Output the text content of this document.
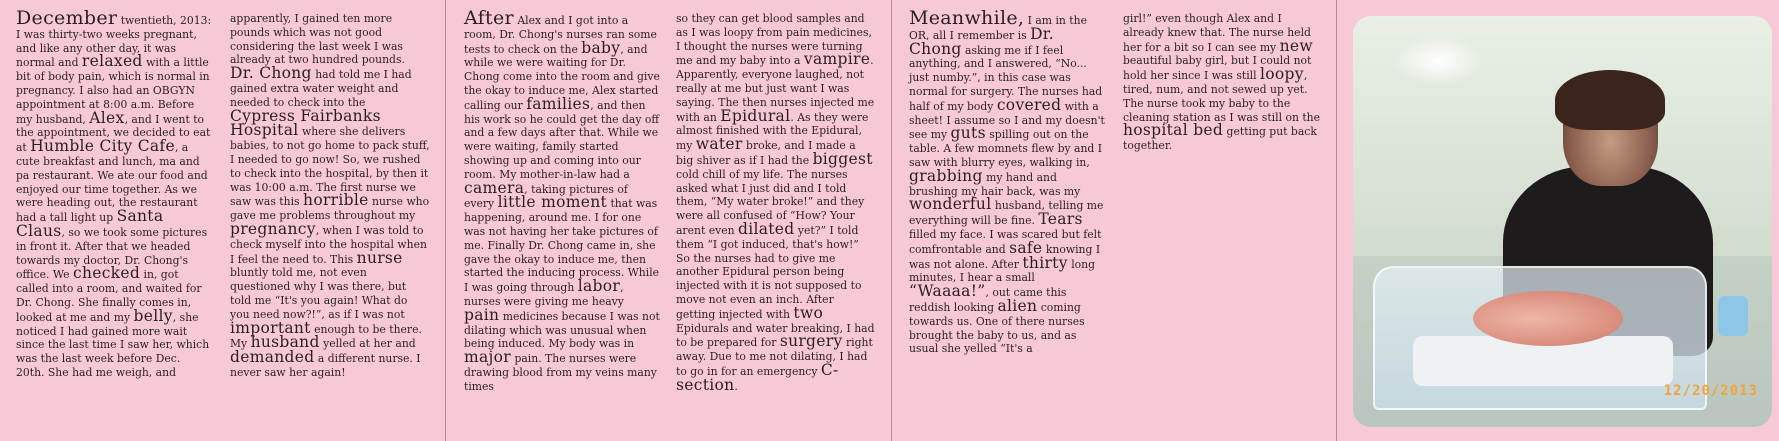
December twentieth, 2013: I was thirty-two weeks pregnant, and like any other day, it was normal and relaxed with a little bit of body pain, which is normal in pregnancy. I also had an OBGYN appointment at 8:00 a.m. Before my husband, Alex, and I went to the appointment, we decided to eat at Humble City Cafe, a cute breakfast and lunch, ma and pa restaurant. We ate our food and enjoyed our time together. As we were heading out, the restaurant had a tall light up Santa Claus, so we took some pictures in front it. After that we headed towards my doctor, Dr. Chong's office. We checked in, got called into a room, and waited for Dr. Chong. She finally comes in, looked at me and my belly, she noticed I had gained more wait since the last time I saw her, which was the last week before Dec. 20th. She had me weigh, and
apparently, I gained ten more pounds which was not good considering the last week I was already at two hundred pounds. Dr. Chong had told me I had gained extra water weight and needed to check into the Cypress Fairbanks Hospital where she delivers babies, to not go home to pack stuff, I needed to go now! So, we rushed to check into the hospital, by then it was 10:00 a.m. The first nurse we saw was this horrible nurse who gave me problems throughout my pregnancy, when I was told to check myself into the hospital when I feel the need to. This nurse bluntly told me, not even questioned why I was there, but told me “It's you again! What do you need now?!”, as if I was not important enough to be there. My husband yelled at her and demanded a different nurse. I never saw her again!
After Alex and I got into a room, Dr. Chong's nurses ran some tests to check on the baby, and while we were waiting for Dr. Chong come into the room and give the okay to induce me, Alex started calling our families, and then his work so he could get the day off and a few days after that. While we were waiting, family started showing up and coming into our room. My mother-in-law had a camera, taking pictures of every little moment that was happening, around me. I for one was not having her take pictures of me. Finally Dr. Chong came in, she gave the okay to induce me, then started the inducing process. While I was going through labor, nurses were giving me heavy pain medicines because I was not dilating which was unusual when being induced. My body was in major pain. The nurses were drawing blood from my veins many times
so they can get blood samples and as I was loopy from pain medicines, I thought the nurses were turning me and my baby into a vampire. Apparently, everyone laughed, not really at me but just want I was saying. The then nurses injected me with an Epidural. As they were almost finished with the Epidural, my water broke, and I made a big shiver as if I had the biggest cold chill of my life. The nurses asked what I just did and I told them, “My water broke!” and they were all confused of “How? Your arent even dilated yet?” I told them “I got induced, that's how!” So the nurses had to give me another Epidural person being injected with it is not supposed to move not even an inch. After getting injected with two Epidurals and water breaking, I had to be prepared for surgery right away. Due to me not dilating, I had to go in for an emergency C-section.
Meanwhile, I am in the OR, all I remember is Dr. Chong asking me if I feel anything, and I answered, “No... just numby.”, in this case was normal for surgery. The nurses had half of my body covered with a sheet! I assume so I and my doesn't see my guts spilling out on the table. A few momnets flew by and I saw with blurry eyes, walking in, grabbing my hand and brushing my hair back, was my wonderful husband, telling me everything will be fine. Tears filled my face. I was scared but felt comfrontable and safe knowing I was not alone. After thirty long minutes, I hear a small “Waaaa!”, out came this reddish looking alien coming towards us. One of there nurses brought the baby to us, and as usual she yelled “It's a
girl!” even though Alex and I already knew that. The nurse held her for a bit so I can see my new beautiful baby girl, but I could not hold her since I was still loopy, tired, num, and not sewed up yet. The nurse took my baby to the cleaning station as I was still on the hospital bed getting put back together.
12/20/2013
